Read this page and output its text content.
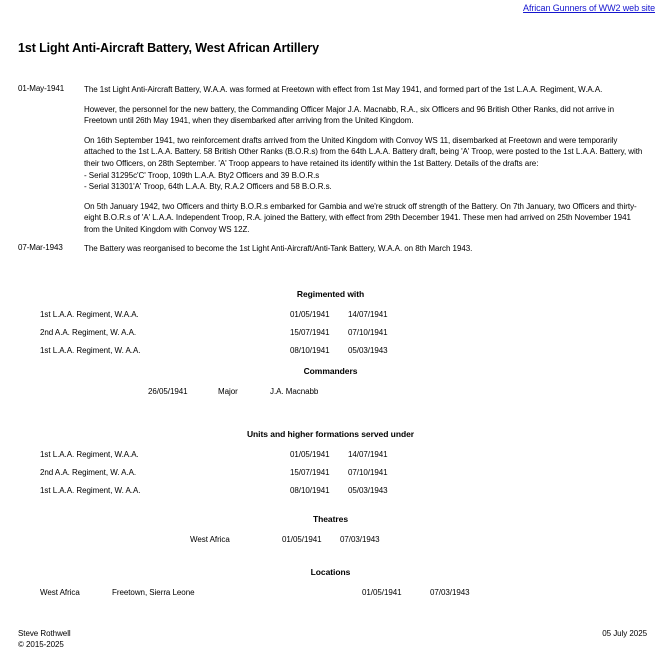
African Gunners of WW2 web site
1st Light Anti-Aircraft Battery, West African Artillery
01-May-1941	The 1st Light Anti-Aircraft Battery, W.A.A. was formed at Freetown with effect from 1st May 1941, and formed part of the 1st L.A.A. Regiment, W.A.A.

However, the personnel for the new battery, the Commanding Officer Major J.A. Macnabb, R.A., six Officers and 96 British Other Ranks, did not arrive in Freetown until 26th May 1941, when they disembarked after arriving from the United Kingdom.

On 16th September 1941, two reinforcement drafts arrived from the United Kingdom with Convoy WS 11, disembarked at Freetown and were temporarily attached to the 1st L.A.A. Battery. 58 British Other Ranks (B.O.R.s) from the 64th L.A.A. Battery draft, being 'A' Troop, were posted to the 1st L.A.A. Battery, with their two Officers, on 28th September. 'A' Troop appears to have retained its identify within the 1st Battery. Details of the drafts are:

- Serial 31295c'C' Troop, 109th L.A.A. Bty2 Officers and 39 B.O.R.s

- Serial 31301'A' Troop, 64th L.A.A. Bty, R.A.2 Officers and 58 B.O.R.s.

On 5th January 1942, two Officers and thirty B.O.R.s embarked for Gambia and we're struck off strength of the Battery. On 7th January, two Officers and thirty-eight B.O.R.s of 'A' L.A.A. Independent Troop, R.A. joined the Battery, with effect from 29th December 1941. These men had arrived on 25th November 1941 from the United Kingdom with Convoy WS 12Z.

07-Mar-1943	The Battery was reorganised to become the 1st Light Anti-Aircraft/Anti-Tank Battery, W.A.A. on 8th March 1943.

Regimented with
1st L.A.A. Regiment, W.A.A.	01/05/1941	14/07/1941
2nd A.A. Regiment, W. A.A.	15/07/1941	07/10/1941
1st L.A.A. Regiment, W. A.A.	08/10/1941	05/03/1943
Commanders
26/05/1941	Major	J.A. Macnabb
Units and higher formations served under
1st L.A.A. Regiment, W.A.A.	01/05/1941	14/07/1941
2nd A.A. Regiment, W. A.A.	15/07/1941	07/10/1941
1st L.A.A. Regiment, W. A.A.	08/10/1941	05/03/1943
Theatres
West Africa	01/05/1941	07/03/1943
Locations
West Africa	Freetown, Sierra Leone	01/05/1941	07/03/1943
Steve Rothwell
© 2015-2025
05 July 2025
